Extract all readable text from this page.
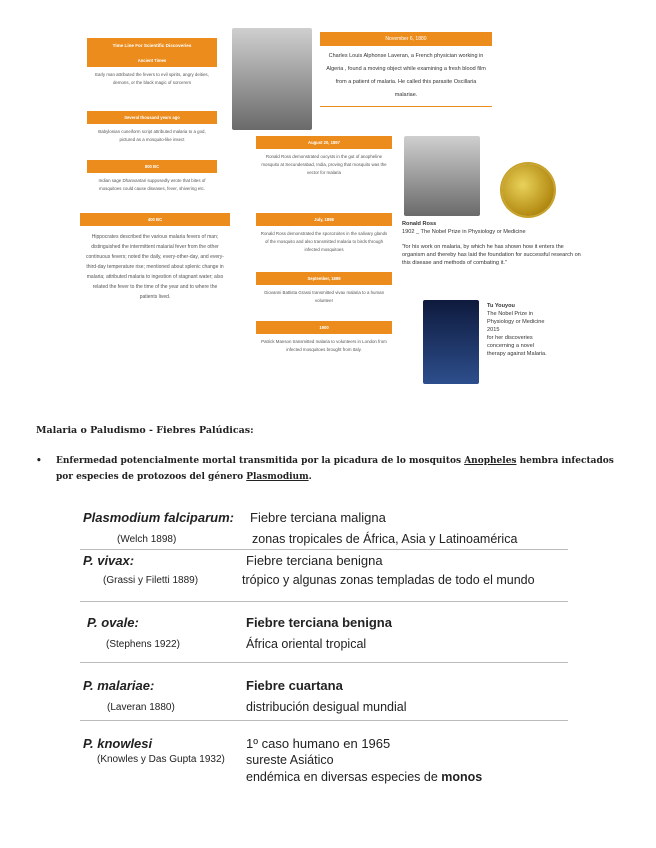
Time Line For Scientific Discoveries
Ancient Times
Early man attributed the fevers to evil spirits, angry deities, demons, or the black magic of sorcerers
Several thousand years ago
Babylonian cuneiform script attributed malaria to a god, pictured as a mosquito-like insect
800 BC
Indian sage Dhanvantari supposedly wrote that bites of mosquitoes could cause diseases, fever, shivering etc.
400 BC
Hippocrates described the various malaria fevers of man; distinguished the intermittent malarial fever from the other continuous fevers; noted the daily, every-other-day, and every-third-day temperature rise; mentioned about splenic change in malaria; attributed malaria to ingestion of stagnant water; also related the fever to the time of the year and to where the patients lived.
November 6, 1880
Charles Louis Alphonse Laveran, a French physician working in Algeria , found a moving object while examining a fresh blood film from a patient of malaria. He called this parasite Oscillaria malariae.
August 20, 1897
Ronald Ross demonstrated oocysts in the gut of anopheline mosquito at Secunderabad, India, proving that mosquito was the vector for malaria
July, 1898
Ronald Ross demonstrated the sporozoites in the salivary glands of the mosquito and also transmitted malaria to birds through infected mosquitoes
September, 1898
Giovanni Battista Grassi transmitted vivax malaria to a human volunteer
1900
Patrick Manson transmitted malaria to volunteers in London from infected mosquitoes brought from Italy.
Ronald Ross
1902 _ The Nobel Prize in Physiology or Medicine
"for his work on malaria, by which he has shown how it enters the organism and thereby has laid the foundation for successful research on this disease and methods of combating it."
Tu Youyou
The Nobel Prize in
Physiology or Medicine
2015
for her discoveries
concerning a novel
therapy against Malaria.
Malaria o Paludismo - Fiebres Palúdicas:
• Enfermedad potencialmente mortal transmitida por la picadura de lo mosquitos Anopheles hembra infectados por especies de protozoos del género Plasmodium.
Plasmodium falciparum:
(Welch 1898)
Fiebre terciana maligna
zonas tropicales de África, Asia y Latinoamérica
P. vivax:
(Grassi y Filetti 1889)
Fiebre terciana benigna
trópico y algunas zonas templadas de todo el mundo
P. ovale:
(Stephens 1922)
Fiebre terciana benigna
África oriental tropical
P. malariae:
(Laveran 1880)
Fiebre cuartana
distribución desigual mundial
P. knowlesi
(Knowles y Das Gupta 1932)
1º caso humano en 1965
sureste Asiático
endémica en diversas especies de monos
